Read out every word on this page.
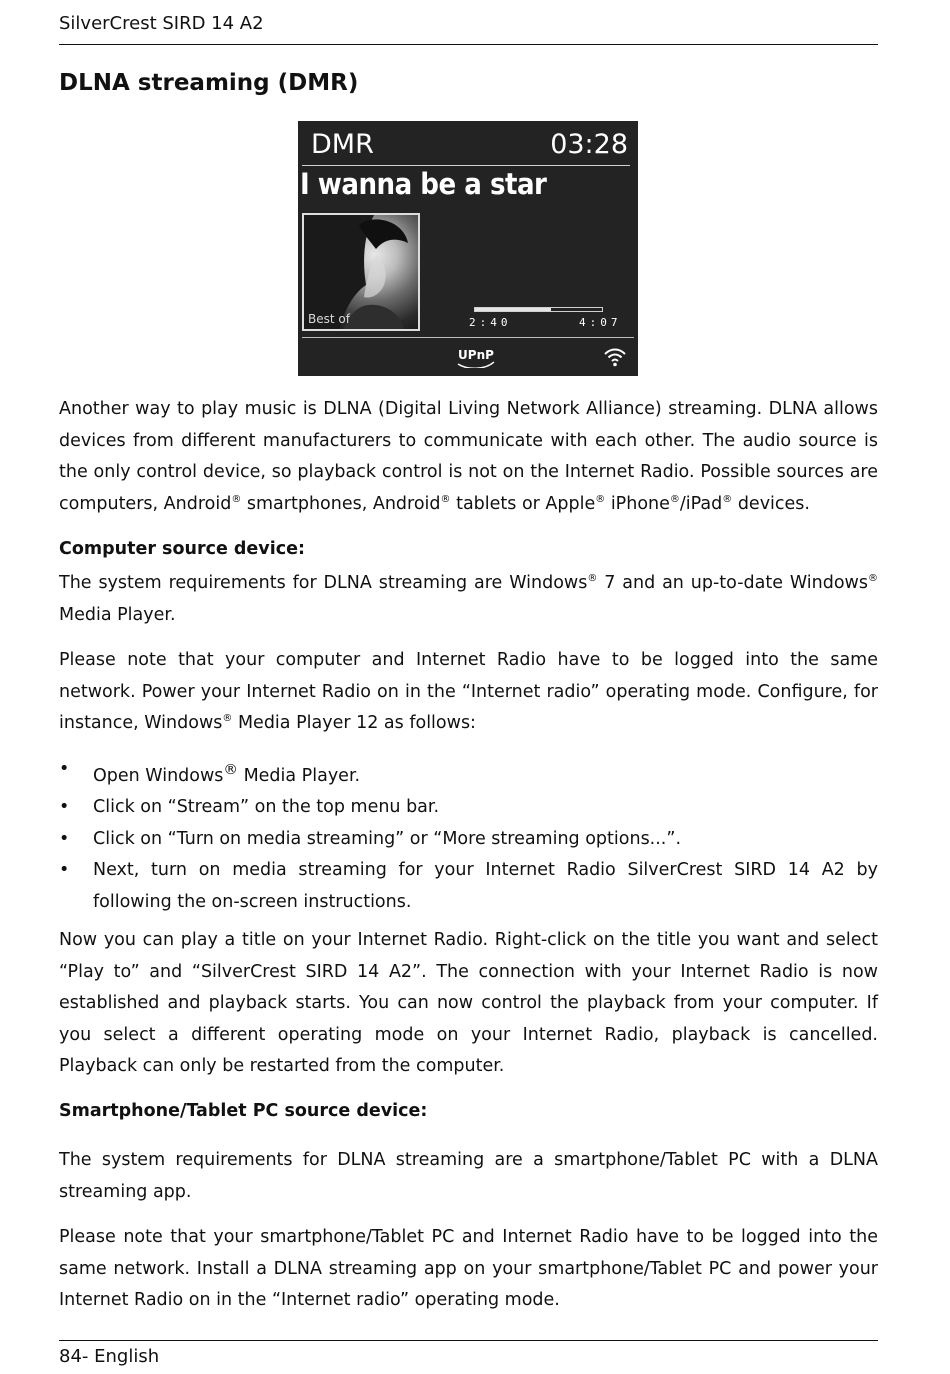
SilverCrest SIRD 14 A2
DLNA streaming (DMR)
DMR	03:28
I wanna be a star
Best of	2:40	4:07
UPnP

Another way to play music is DLNA (Digital Living Network Alliance) streaming. DLNA allows devices from different manufacturers to communicate with each other. The audio source is the only control device, so playback control is not on the Internet Radio. Possible sources are computers, Android® smartphones, Android® tablets or Apple® iPhone®/iPad® devices.

Computer source device:

The system requirements for DLNA streaming are Windows® 7 and an up-to-date Windows® Media Player.

Please note that your computer and Internet Radio have to be logged into the same network. Power your Internet Radio on in the “Internet radio” operating mode. Configure, for instance, Windows® Media Player 12 as follows:

• Open Windows® Media Player.
• Click on “Stream” on the top menu bar.
• Click on “Turn on media streaming” or “More streaming options...”.
• Next, turn on media streaming for your Internet Radio SilverCrest SIRD 14 A2 by following the on-screen instructions.

Now you can play a title on your Internet Radio. Right-click on the title you want and select “Play to” and “SilverCrest SIRD 14 A2”. The connection with your Internet Radio is now established and playback starts. You can now control the playback from your computer. If you select a different operating mode on your Internet Radio, playback is cancelled. Playback can only be restarted from the computer.

Smartphone/Tablet PC source device:

The system requirements for DLNA streaming are a smartphone/Tablet PC with a DLNA streaming app.

Please note that your smartphone/Tablet PC and Internet Radio have to be logged into the same network. Install a DLNA streaming app on your smartphone/Tablet PC and power your Internet Radio on in the “Internet radio” operating mode.

84- English
